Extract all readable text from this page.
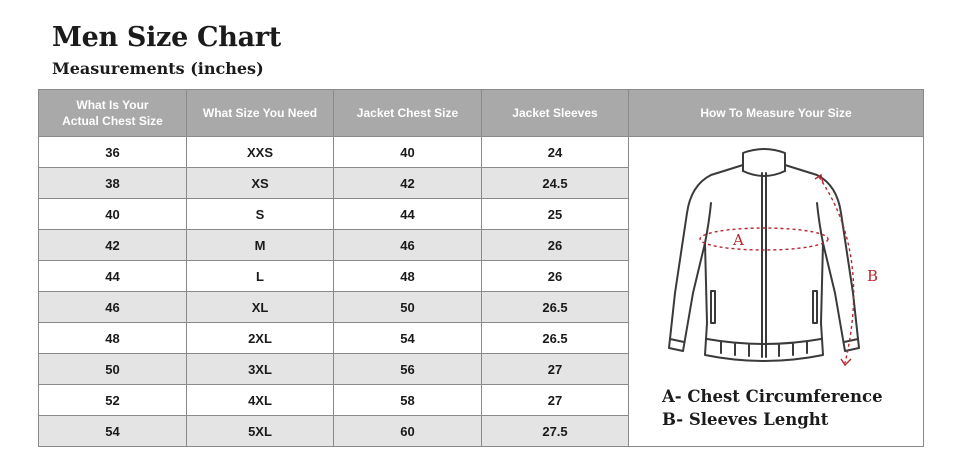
Men Size Chart
Measurements (inches)
What Is Your
Actual Chest Size	What Size You Need	Jacket Chest Size	Jacket Sleeves	How To Measure Your Size
36	XXS	40	24	A
B
A- Chest Circumference
B- Sleeves Lenght

38	XS	42	24.5	
40	S	44	25	
42	M	46	26	
44	L	48	26	
46	XL	50	26.5	
48	2XL	54	26.5	
50	3XL	56	27	
52	4XL	58	27	
54	5XL	60	27.5	
